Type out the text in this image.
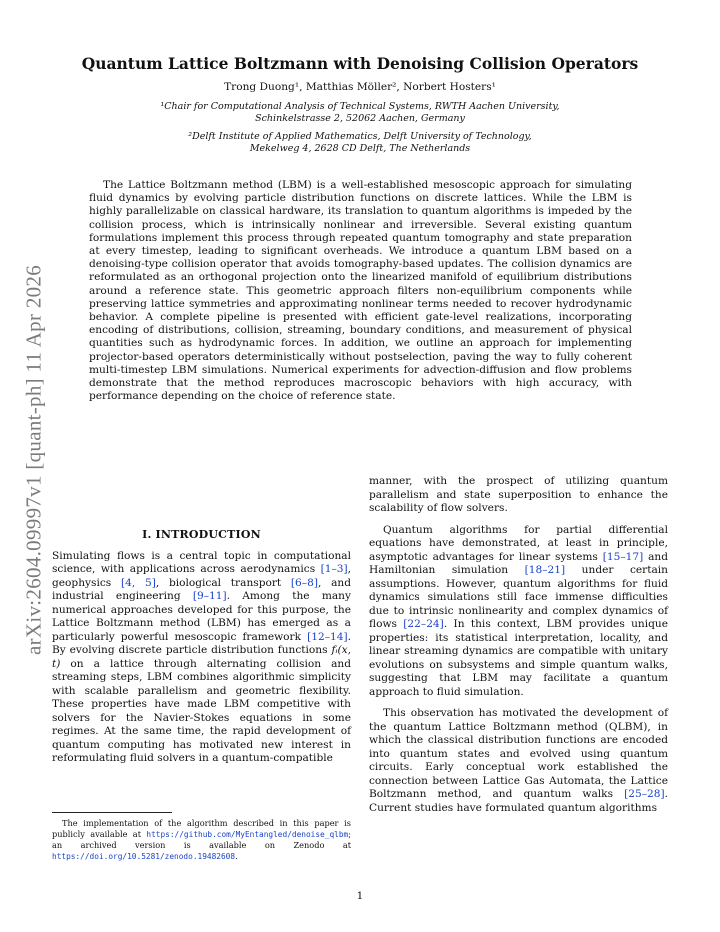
arXiv:2604.09997v1 [quant-ph] 11 Apr 2026
Quantum Lattice Boltzmann with Denoising Collision Operators
Trong Duong¹, Matthias Möller², Norbert Hosters¹
¹Chair for Computational Analysis of Technical Systems, RWTH Aachen University,
Schinkelstrasse 2, 52062 Aachen, Germany
²Delft Institute of Applied Mathematics, Delft University of Technology,
Mekelweg 4, 2628 CD Delft, The Netherlands
The Lattice Boltzmann method (LBM) is a well-established mesoscopic approach for simulating fluid dynamics by evolving particle distribution functions on discrete lattices. While the LBM is highly parallelizable on classical hardware, its translation to quantum algorithms is impeded by the collision process, which is intrinsically nonlinear and irreversible. Several existing quantum formulations implement this process through repeated quantum tomography and state preparation at every timestep, leading to significant overheads. We introduce a quantum LBM based on a denoising-type collision operator that avoids tomography-based updates. The collision dynamics are reformulated as an orthogonal projection onto the linearized manifold of equilibrium distributions around a reference state. This geometric approach filters non-equilibrium components while preserving lattice symmetries and approximating nonlinear terms needed to recover hydrodynamic behavior. A complete pipeline is presented with efficient gate-level realizations, incorporating encoding of distributions, collision, streaming, boundary conditions, and measurement of physical quantities such as hydrodynamic forces. In addition, we outline an approach for implementing projector-based operators deterministically without postselection, paving the way to fully coherent multi-timestep LBM simulations. Numerical experiments for advection-diffusion and flow problems demonstrate that the method reproduces macroscopic behaviors with high accuracy, with performance depending on the choice of reference state.
I. INTRODUCTION

Simulating flows is a central topic in computational science, with applications across aerodynamics [1–3], geophysics [4, 5], biological transport [6–8], and industrial engineering [9–11]. Among the many numerical approaches developed for this purpose, the Lattice Boltzmann method (LBM) has emerged as a particularly powerful mesoscopic framework [12–14]. By evolving discrete particle distribution functions fᵢ(x, t) on a lattice through alternating collision and streaming steps, LBM combines algorithmic simplicity with scalable parallelism and geometric flexibility. These properties have made LBM competitive with solvers for the Navier-Stokes equations in some regimes. At the same time, the rapid development of quantum computing has motivated new interest in reformulating fluid solvers in a quantum-compatible

manner, with the prospect of utilizing quantum parallelism and state superposition to enhance the scalability of flow solvers.

Quantum algorithms for partial differential equations have demonstrated, at least in principle, asymptotic advantages for linear systems [15–17] and Hamiltonian simulation [18–21] under certain assumptions. However, quantum algorithms for fluid dynamics simulations still face immense difficulties due to intrinsic nonlinearity and complex dynamics of flows [22–24]. In this context, LBM provides unique properties: its statistical interpretation, locality, and linear streaming dynamics are compatible with unitary evolutions on subsystems and simple quantum walks, suggesting that LBM may facilitate a quantum approach to fluid simulation.

This observation has motivated the development of the quantum Lattice Boltzmann method (QLBM), in which the classical distribution functions are encoded into quantum states and evolved using quantum circuits. Early conceptual work established the connection between Lattice Gas Automata, the Lattice Boltzmann method, and quantum walks [25–28]. Current studies have formulated quantum algorithms

The implementation of the algorithm described in this paper is publicly available at https://github.com/MyEntangled/denoise_qlbm; an archived version is available on Zenodo at https://doi.org/10.5281/zenodo.19482608.
1
